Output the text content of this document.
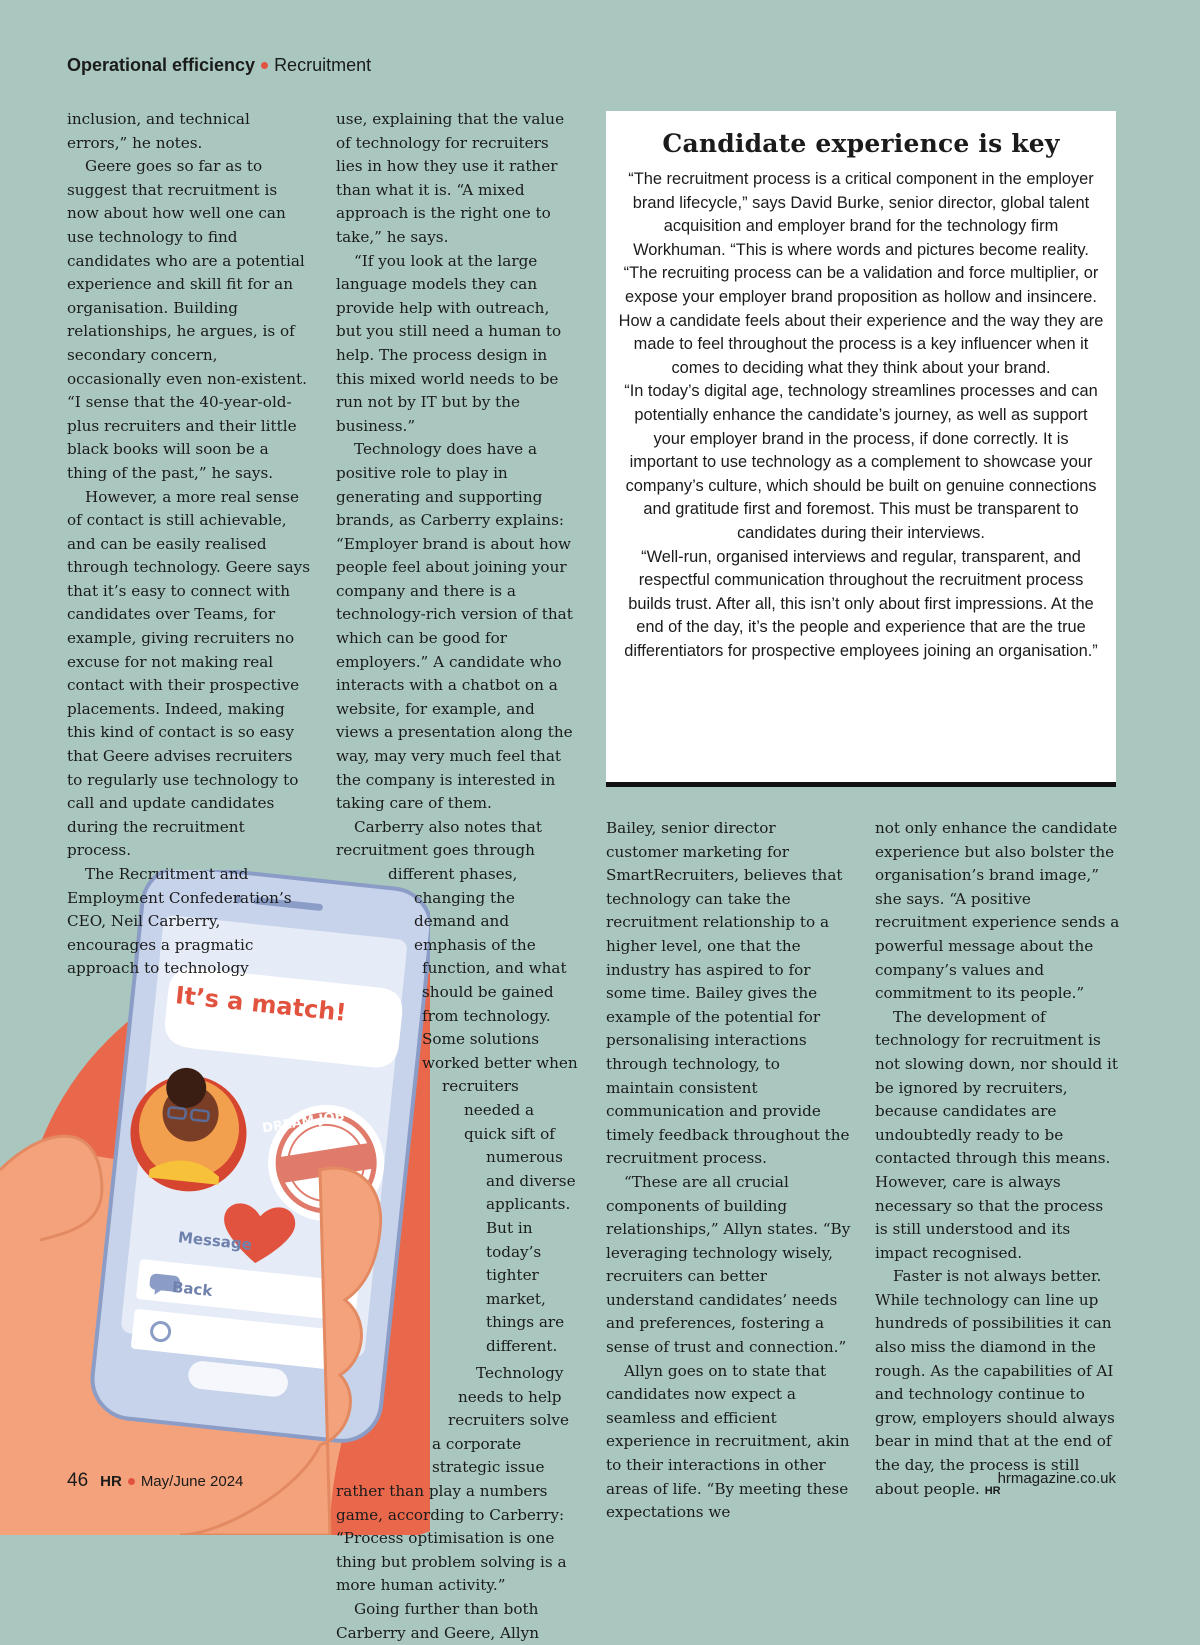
Operational efficiency Recruitment
It’s a match!
DREAM JOB
Message
Back

inclusion, and technical errors,” he notes.

Geere goes so far as to suggest that recruitment is now about how well one can use technology to find candidates who are a potential experience and skill fit for an organisation. Building relationships, he argues, is of secondary concern, occasionally even non-existent. “I sense that the 40-year-old-plus recruiters and their little black books will soon be a thing of the past,” he says.

However, a more real sense of contact is still achievable, and can be easily realised through technology. Geere says that it’s easy to connect with candidates over Teams, for example, giving recruiters no excuse for not making real contact with their prospective placements. Indeed, making this kind of contact is so easy that Geere advises recruiters to regularly use technology to call and update candidates during the recruitment process.

The Recruitment and Employment Confederation’s CEO, Neil Carberry, encourages a pragmatic approach to technology

use, explaining that the value of technology for recruiters lies in how they use it rather than what it is. “A mixed approach is the right one to take,” he says.

“If you look at the large language models they can provide help with outreach, but you still need a human to help. The process design in this mixed world needs to be run not by IT but by the business.”

Technology does have a positive role to play in generating and supporting brands, as Carberry explains: “Employer brand is about how people feel about joining your company and there is a technology-rich version of that which can be good for employers.” A candidate who interacts with a chatbot on a website, for example, and views a presentation along the way, may very much feel that the company is interested in taking care of them.

Carberry also notes that recruitment goes through different phases, changing the demand and emphasis of the function, and what should be gained from technology. Some solutions worked better when recruiters needed a quick sift of numerous and diverse applicants. But in today’s tighter market, things are different.

Technology needs to help recruiters solve a corporate strategic issue rather than play a numbers game, according to Carberry: “Process optimisation is one thing but problem solving is a more human activity.”

Going further than both Carberry and Geere, Allyn

Candidate experience is key

“The recruitment process is a critical component in the employer brand lifecycle,” says David Burke, senior director, global talent acquisition and employer brand for the technology firm Workhuman. “This is where words and pictures become reality.

“The recruiting process can be a validation and force multiplier, or expose your employer brand proposition as hollow and insincere. How a candidate feels about their experience and the way they are made to feel throughout the process is a key influencer when it comes to deciding what they think about your brand.

“In today’s digital age, technology streamlines processes and can potentially enhance the candidate’s journey, as well as support your employer brand in the process, if done correctly. It is important to use technology as a complement to showcase your company’s culture, which should be built on genuine connections and gratitude first and foremost. This must be transparent to candidates during their interviews.

“Well-run, organised interviews and regular, transparent, and respectful communication throughout the recruitment process builds trust. After all, this isn’t only about first impressions. At the end of the day, it’s the people and experience that are the true differentiators for prospective employees joining an organisation.”

Bailey, senior director customer marketing for SmartRecruiters, believes that technology can take the recruitment relationship to a higher level, one that the industry has aspired to for some time. Bailey gives the example of the potential for personalising interactions through technology, to maintain consistent communication and provide timely feedback throughout the recruitment process.

“These are all crucial components of building relationships,” Allyn states. “By leveraging technology wisely, recruiters can better understand candidates’ needs and preferences, fostering a sense of trust and connection.”

Allyn goes on to state that candidates now expect a seamless and efficient experience in recruitment, akin to their interactions in other areas of life. “By meeting these expectations we

not only enhance the candidate experience but also bolster the organisation’s brand image,” she says. “A positive recruitment experience sends a powerful message about the company’s values and commitment to its people.”

The development of technology for recruitment is not slowing down, nor should it be ignored by recruiters, because candidates are undoubtedly ready to be contacted through this means. However, care is always necessary so that the process is still understood and its impact recognised.

Faster is not always better. While technology can line up hundreds of possibilities it can also miss the diamond in the rough. As the capabilities of AI and technology continue to grow, employers should always bear in mind that at the end of the day, the process is still about people. HR

46 HR May/June 2024	hrmagazine.co.uk
